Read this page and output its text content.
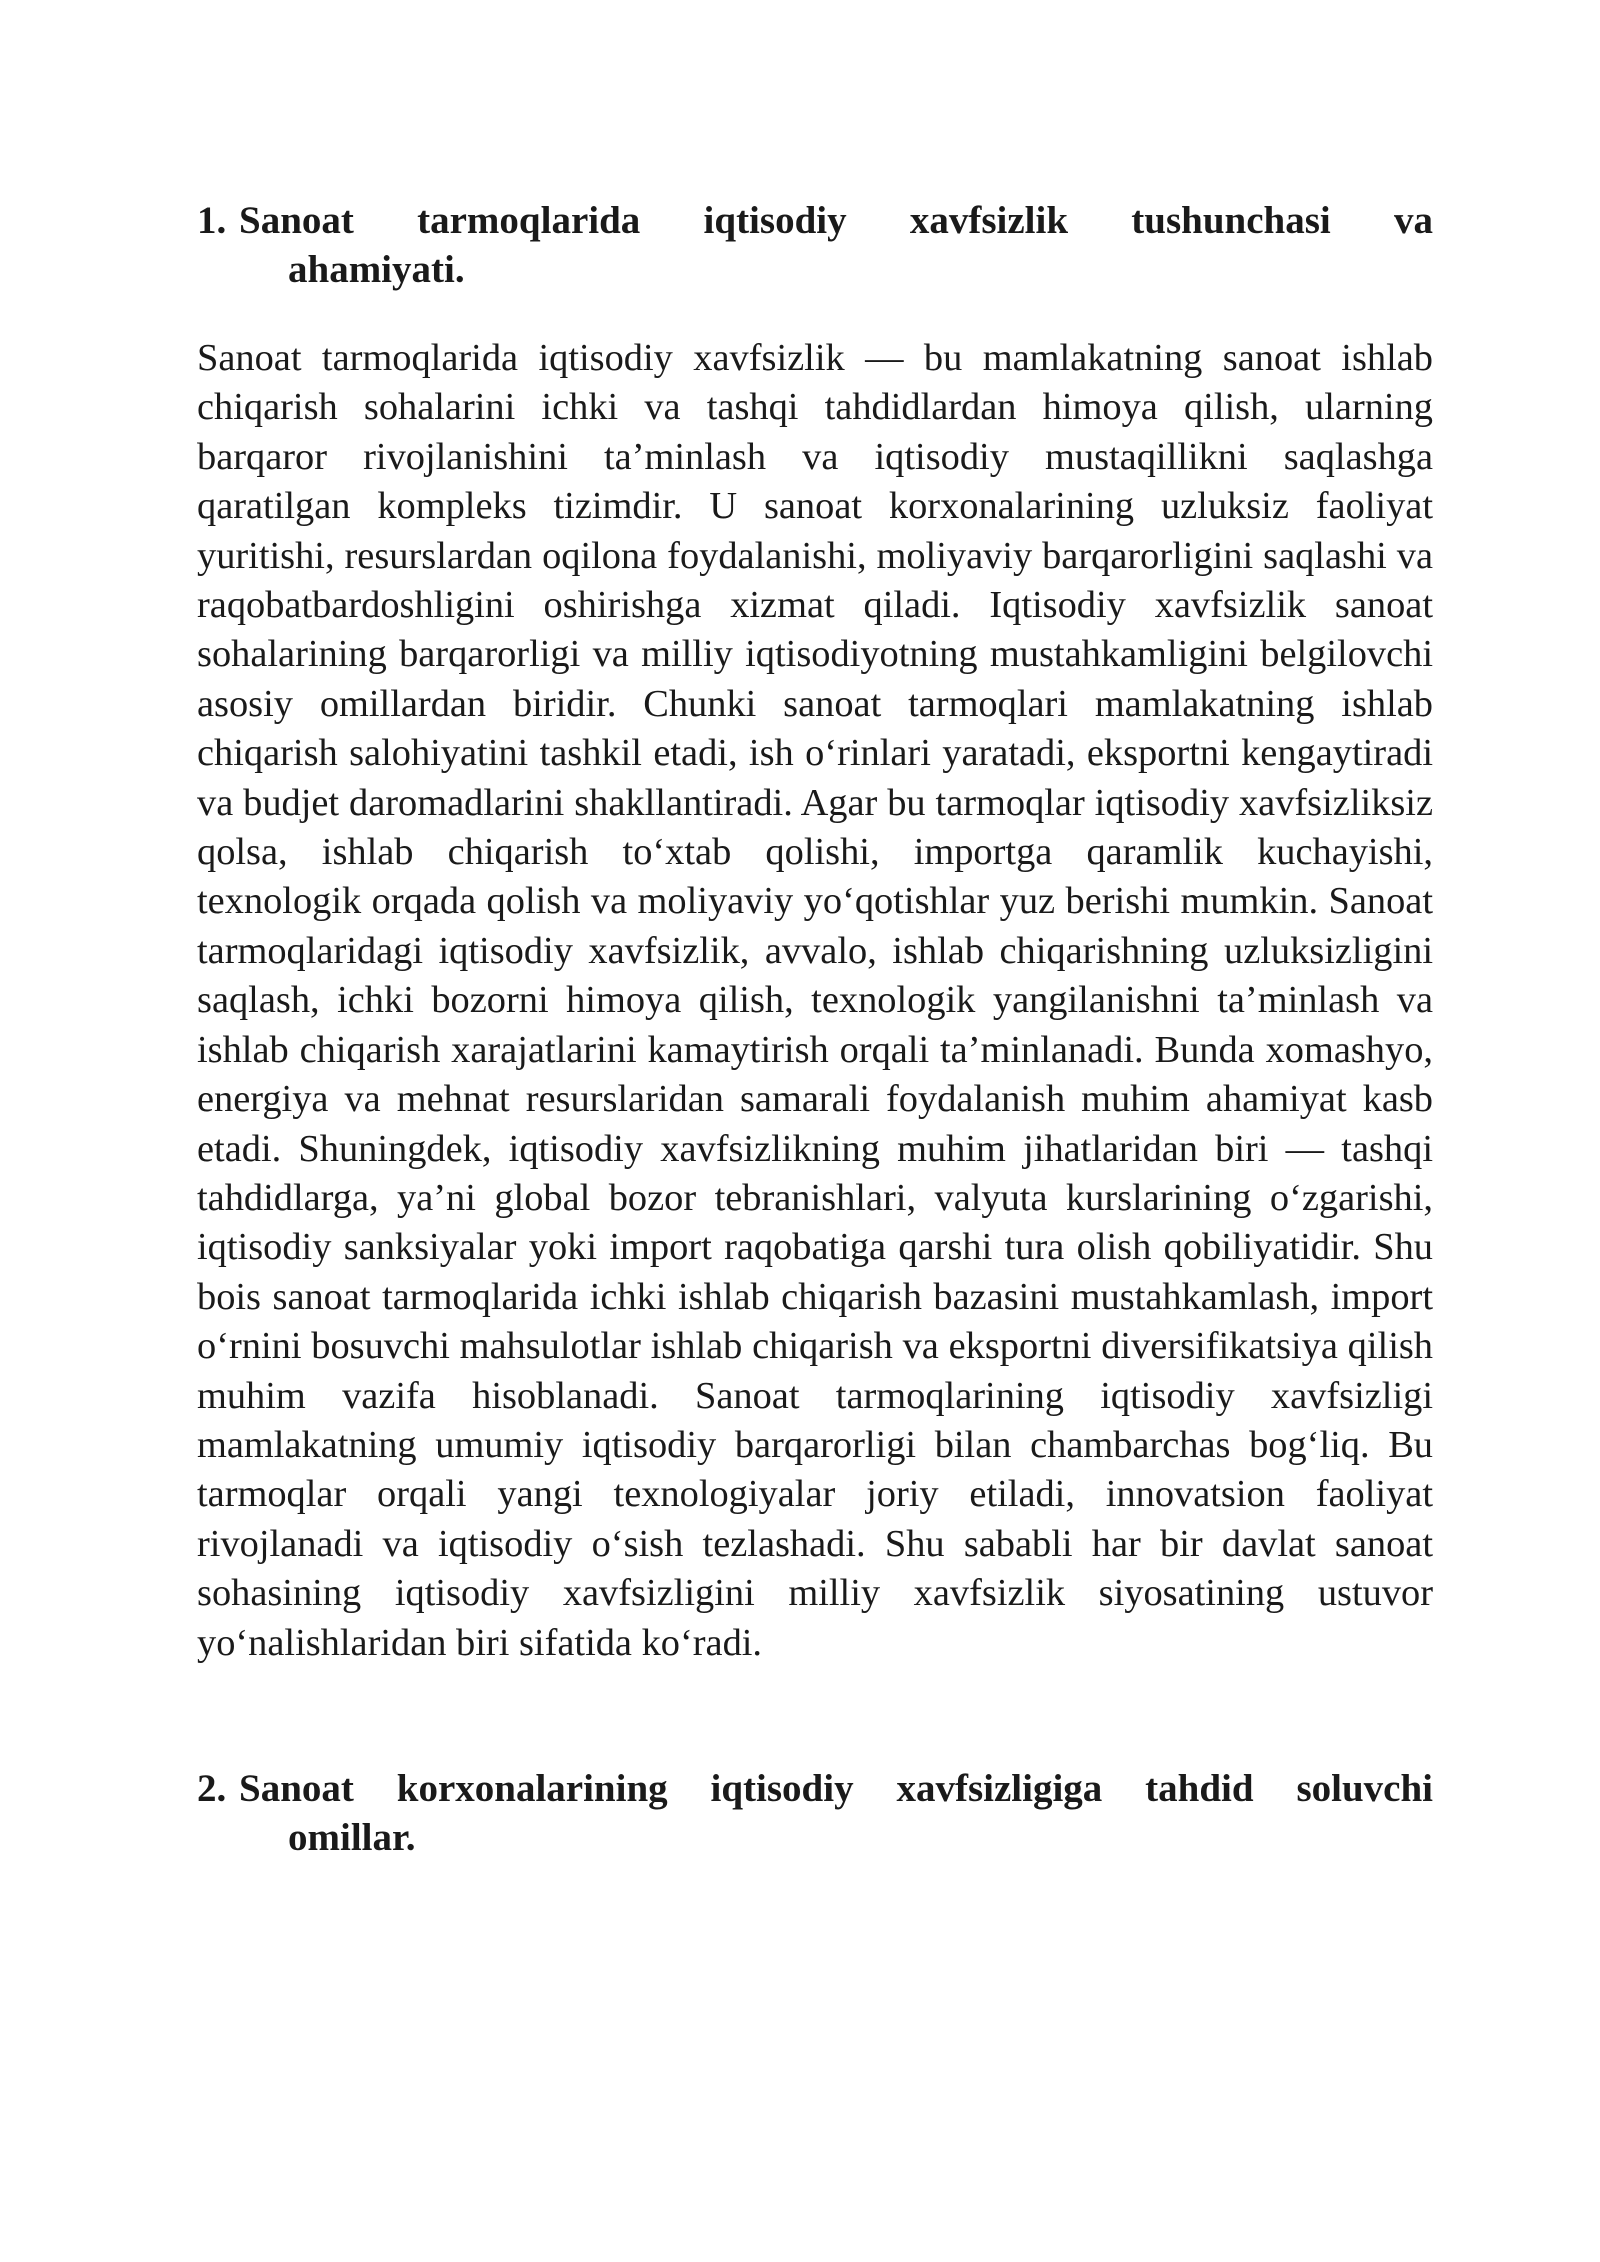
1. Sanoat tarmoqlarida iqtisodiy xavfsizlik tushunchasi va
ahamiyati.

Sanoat tarmoqlarida iqtisodiy xavfsizlik — bu mamlakatning sanoat ishlab chiqarish sohalarini ichki va tashqi tahdidlardan himoya qilish, ularning barqaror rivojlanishini ta’minlash va iqtisodiy mustaqillikni saqlashga qaratilgan kompleks tizimdir. U sanoat korxonalarining uzluksiz faoliyat yuritishi, resurslardan oqilona foydalanishi, moliyaviy barqarorligini saqlashi va raqobatbardoshligini oshirishga xizmat qiladi. Iqtisodiy xavfsizlik sanoat sohalarining barqarorligi va milliy iqtisodiyotning mustahkamligini belgilovchi asosiy omillardan biridir. Chunki sanoat tarmoqlari mamlakatning ishlab chiqarish salohiyatini tashkil etadi, ish o‘rinlari yaratadi, eksportni kengaytiradi va budjet daromadlarini shakllantiradi. Agar bu tarmoqlar iqtisodiy xavfsizliksiz qolsa, ishlab chiqarish to‘xtab qolishi, importga qaramlik kuchayishi, texnologik orqada qolish va moliyaviy yo‘qotishlar yuz berishi mumkin. Sanoat tarmoqlaridagi iqtisodiy xavfsizlik, avvalo, ishlab chiqarishning uzluksizligini saqlash, ichki bozorni himoya qilish, texnologik yangilanishni ta’minlash va ishlab chiqarish xarajatlarini kamaytirish orqali ta’minlanadi. Bunda xomashyo, energiya va mehnat resurslaridan samarali foydalanish muhim ahamiyat kasb etadi. Shuningdek, iqtisodiy xavfsizlikning muhim jihatlaridan biri — tashqi tahdidlarga, ya’ni global bozor tebranishlari, valyuta kurslarining o‘zgarishi, iqtisodiy sanksiyalar yoki import raqobatiga qarshi tura olish qobiliyatidir. Shu bois sanoat tarmoqlarida ichki ishlab chiqarish bazasini mustahkamlash, import o‘rnini bosuvchi mahsulotlar ishlab chiqarish va eksportni diversifikatsiya qilish muhim vazifa hisoblanadi. Sanoat tarmoqlarining iqtisodiy xavfsizligi mamlakatning umumiy iqtisodiy barqarorligi bilan chambarchas bog‘liq. Bu tarmoqlar orqali yangi texnologiyalar joriy etiladi, innovatsion faoliyat rivojlanadi va iqtisodiy o‘sish tezlashadi. Shu sababli har bir davlat sanoat sohasining iqtisodiy xavfsizligini milliy xavfsizlik siyosatining ustuvor yo‘nalishlaridan biri sifatida ko‘radi.

2. Sanoat korxonalarining iqtisodiy xavfsizligiga tahdid soluvchi
omillar.
